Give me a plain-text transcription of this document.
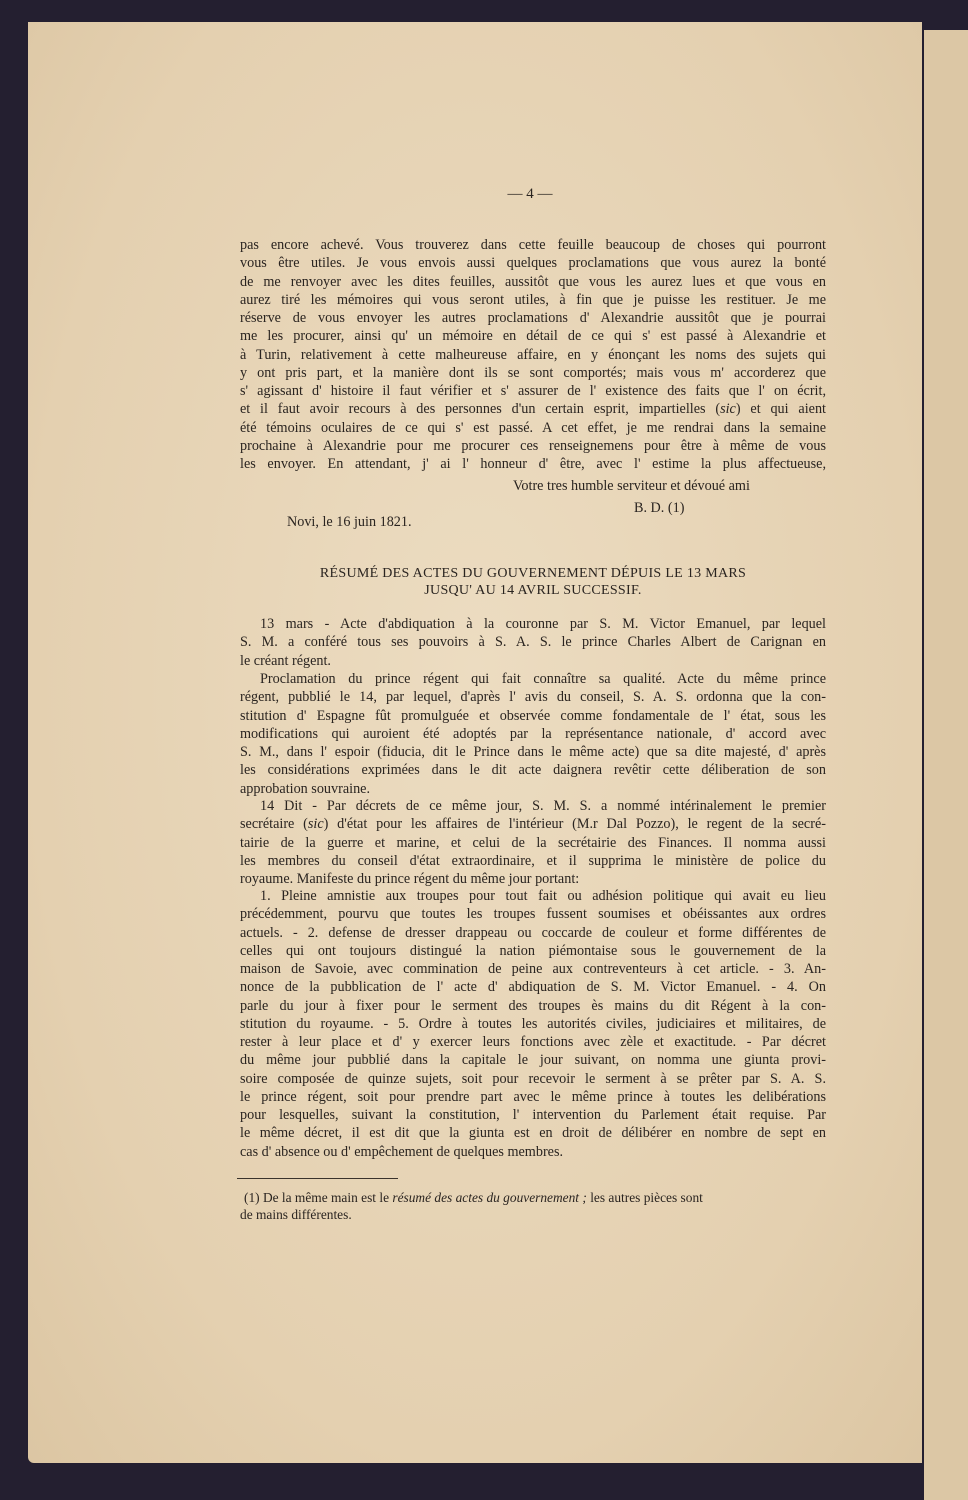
— 4 —
pas encore achevé. Vous trouverez dans cette feuille beaucoup de choses qui pourront
vous être utiles. Je vous envois aussi quelques proclamations que vous aurez la bonté
de me renvoyer avec les dites feuilles, aussitôt que vous les aurez lues et que vous en
aurez tiré les mémoires qui vous seront utiles, à fin que je puisse les restituer. Je me
réserve de vous envoyer les autres proclamations d' Alexandrie aussitôt que je pourrai
me les procurer, ainsi qu' un mémoire en détail de ce qui s' est passé à Alexandrie et
à Turin, relativement à cette malheureuse affaire, en y énonçant les noms des sujets qui
y ont pris part, et la manière dont ils se sont comportés; mais vous m' accorderez que
s' agissant d' histoire il faut vérifier et s' assurer de l' existence des faits que l' on écrit,
et il faut avoir recours à des personnes d'un certain esprit, impartielles (sic) et qui aient
été témoins oculaires de ce qui s' est passé. A cet effet, je me rendrai dans la semaine
prochaine à Alexandrie pour me procurer ces renseignemens pour être à même de vous
les envoyer. En attendant, j' ai l' honneur d' être, avec l' estime la plus affectueuse,
Votre tres humble serviteur et dévoué ami
B. D. (1)
Novi, le 16 juin 1821.
RÉSUMÉ DES ACTES DU GOUVERNEMENT DÉPUIS LE 13 MARS
JUSQU' AU 14 AVRIL SUCCESSIF.
13 mars - Acte d'abdiquation à la couronne par S. M. Victor Emanuel, par lequel
S. M. a conféré tous ses pouvoirs à S. A. S. le prince Charles Albert de Carignan en
le créant régent.
Proclamation du prince régent qui fait connaître sa qualité. Acte du même prince
régent, pubblié le 14, par lequel, d'après l' avis du conseil, S. A. S. ordonna que la con-
stitution d' Espagne fût promulguée et observée comme fondamentale de l' état, sous les
modifications qui auroient été adoptés par la représentance nationale, d' accord avec
S. M., dans l' espoir (fiducia, dit le Prince dans le même acte) que sa dite majesté, d' après
les considérations exprimées dans le dit acte daignera revêtir cette déliberation de son
approbation souvraine.
14 Dit - Par décrets de ce même jour, S. M. S. a nommé intérinalement le premier
secrétaire (sic) d'état pour les affaires de l'intérieur (M.r Dal Pozzo), le regent de la secré-
tairie de la guerre et marine, et celui de la secrétairie des Finances. Il nomma aussi
les membres du conseil d'état extraordinaire, et il supprima le ministère de police du
royaume. Manifeste du prince régent du même jour portant:
1. Pleine amnistie aux troupes pour tout fait ou adhésion politique qui avait eu lieu
précédemment, pourvu que toutes les troupes fussent soumises et obéissantes aux ordres
actuels. - 2. defense de dresser drappeau ou coccarde de couleur et forme différentes de
celles qui ont toujours distingué la nation piémontaise sous le gouvernement de la
maison de Savoie, avec commination de peine aux contreventeurs à cet article. - 3. An-
nonce de la pubblication de l' acte d' abdiquation de S. M. Victor Emanuel. - 4. On
parle du jour à fixer pour le serment des troupes ès mains du dit Régent à la con-
stitution du royaume. - 5. Ordre à toutes les autorités civiles, judiciaires et militaires, de
rester à leur place et d' y exercer leurs fonctions avec zèle et exactitude. - Par décret
du même jour pubblié dans la capitale le jour suivant, on nomma une giunta provi-
soire composée de quinze sujets, soit pour recevoir le serment à se prêter par S. A. S.
le prince régent, soit pour prendre part avec le même prince à toutes les delibérations
pour lesquelles, suivant la constitution, l' intervention du Parlement était requise. Par
le même décret, il est dit que la giunta est en droit de délibérer en nombre de sept en
cas d' absence ou d' empêchement de quelques membres.
(1) De la même main est le résumé des actes du gouvernement ; les autres pièces sont
de mains différentes.
